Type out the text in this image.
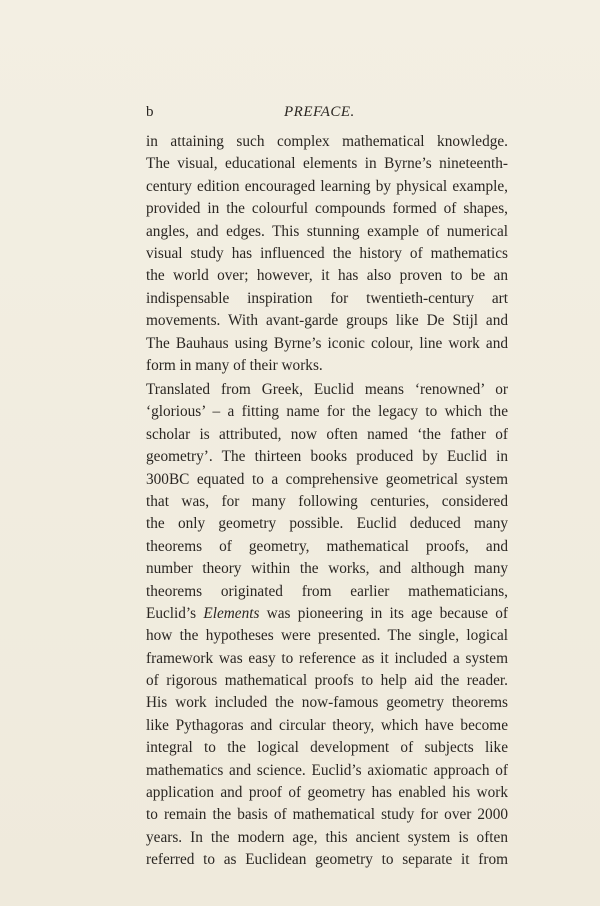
b	PREFACE.

in attaining such complex mathematical knowledge.
The visual, educational elements in Byrne’s nineteenth-
century edition encouraged learning by physical example,
provided in the colourful compounds formed of shapes,
angles, and edges. This stunning example of numerical
visual study has influenced the history of mathematics
the world over; however, it has also proven to be an
indispensable inspiration for twentieth-century art
movements. With avant-garde groups like De Stijl and
The Bauhaus using Byrne’s iconic colour, line work and
form in many of their works.

Translated from Greek, Euclid means ‘renowned’ or
‘glorious’ – a fitting name for the legacy to which the
scholar is attributed, now often named ‘the father of
geometry’. The thirteen books produced by Euclid in
300BC equated to a comprehensive geometrical system
that was, for many following centuries, considered
the only geometry possible. Euclid deduced many
theorems of geometry, mathematical proofs, and
number theory within the works, and although many
theorems originated from earlier mathematicians,
Euclid’s Elements was pioneering in its age because of
how the hypotheses were presented. The single, logical
framework was easy to reference as it included a system
of rigorous mathematical proofs to help aid the reader.
His work included the now-famous geometry theorems
like Pythagoras and circular theory, which have become
integral to the logical development of subjects like
mathematics and science. Euclid’s axiomatic approach of
application and proof of geometry has enabled his work
to remain the basis of mathematical study for over 2000
years. In the modern age, this ancient system is often
referred to as Euclidean geometry to separate it from
